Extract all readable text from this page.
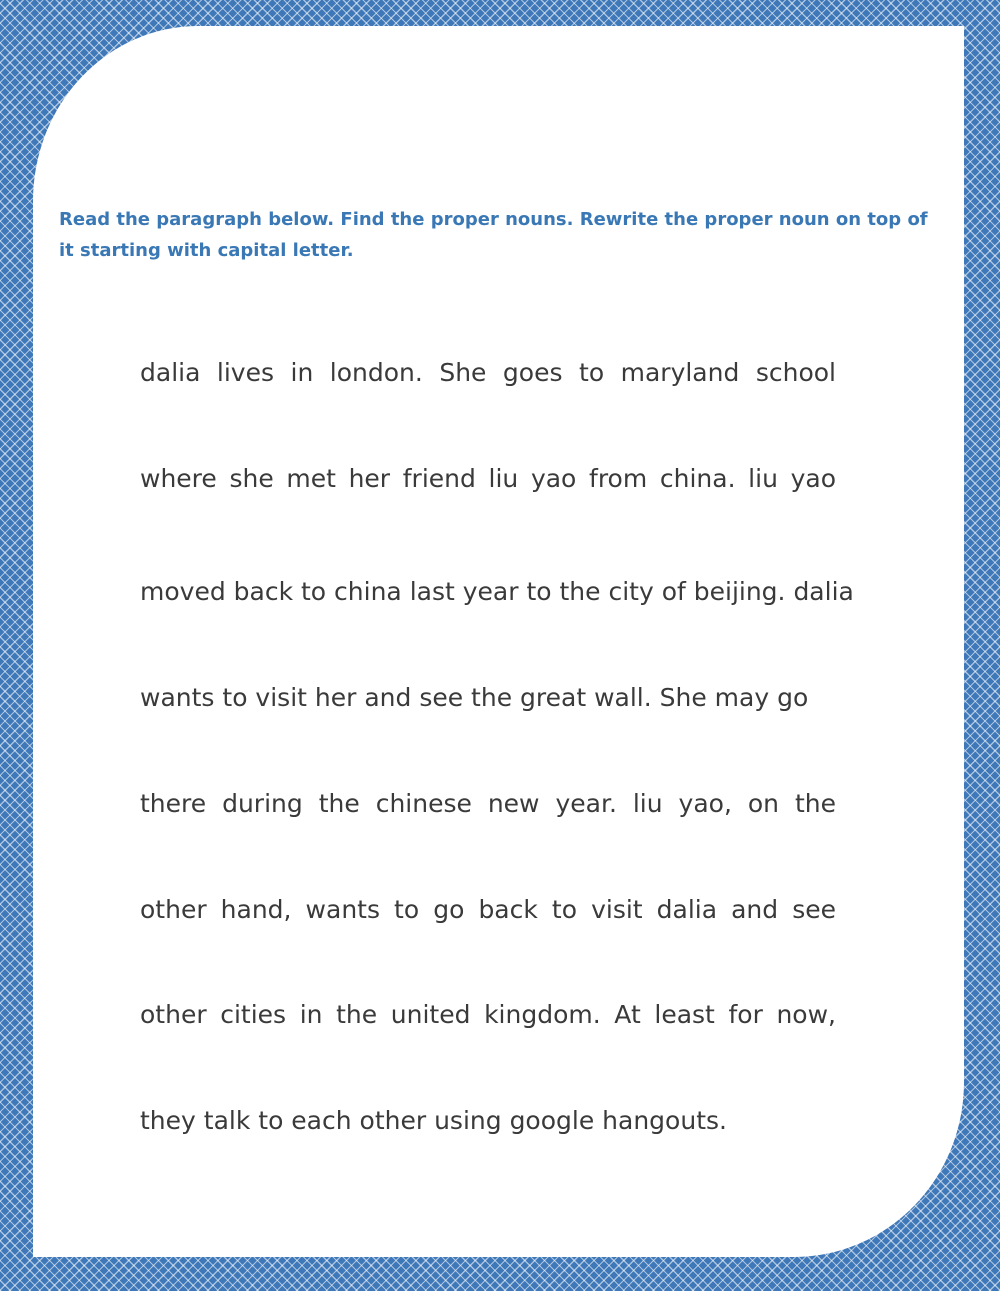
Read the paragraph below. Find the proper nouns. Rewrite the proper noun on top of it starting with capital letter.

dalia lives in london. She goes to maryland school

where she met her friend liu yao from china. liu yao

moved back to china last year to the city of beijing. dalia

wants to visit her and see the great wall. She may go

there during the chinese new year. liu yao, on the

other hand, wants to go back to visit dalia and see

other cities in the united kingdom. At least for now,

they talk to each other using google hangouts.
